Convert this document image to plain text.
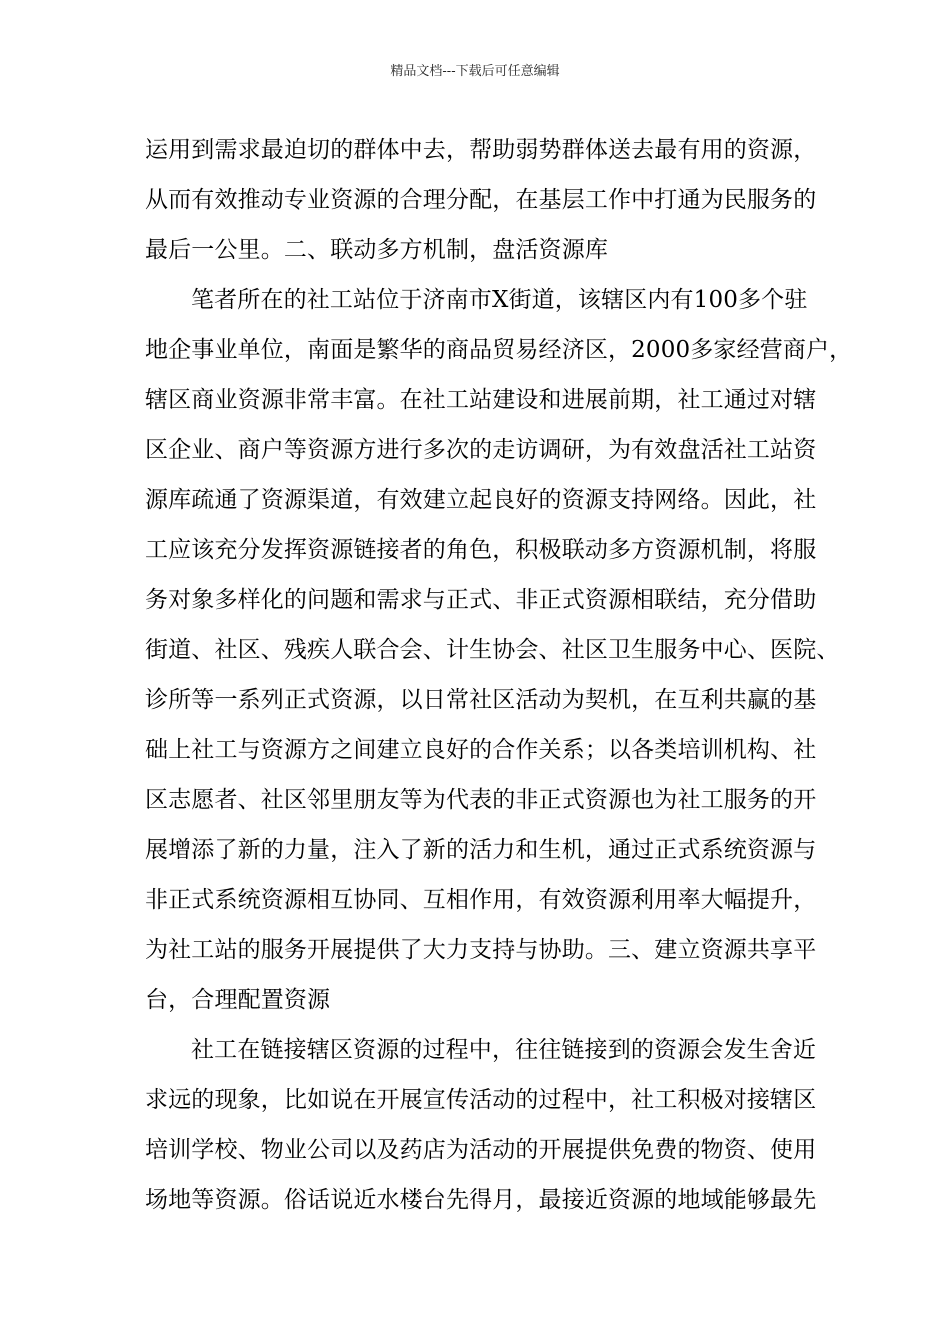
精品文档---下载后可任意编辑
运用到需求最迫切的群体中去，帮助弱势群体送去最有用的资源，
从而有效推动专业资源的合理分配，在基层工作中打通为民服务的
最后一公里。二、联动多方机制，盘活资源库
笔者所在的社工站位于济南市X街道，该辖区内有100多个驻
地企事业单位，南面是繁华的商品贸易经济区，2000多家经营商户，
辖区商业资源非常丰富。在社工站建设和进展前期，社工通过对辖
区企业、商户等资源方进行多次的走访调研，为有效盘活社工站资
源库疏通了资源渠道，有效建立起良好的资源支持网络。因此，社
工应该充分发挥资源链接者的角色，积极联动多方资源机制，将服
务对象多样化的问题和需求与正式、非正式资源相联结，充分借助
街道、社区、残疾人联合会、计生协会、社区卫生服务中心、医院、
诊所等一系列正式资源，以日常社区活动为契机，在互利共赢的基
础上社工与资源方之间建立良好的合作关系；以各类培训机构、社
区志愿者、社区邻里朋友等为代表的非正式资源也为社工服务的开
展增添了新的力量，注入了新的活力和生机，通过正式系统资源与
非正式系统资源相互协同、互相作用，有效资源利用率大幅提升，
为社工站的服务开展提供了大力支持与协助。三、建立资源共享平
台，合理配置资源
社工在链接辖区资源的过程中，往往链接到的资源会发生舍近
求远的现象，比如说在开展宣传活动的过程中，社工积极对接辖区
培训学校、物业公司以及药店为活动的开展提供免费的物资、使用
场地等资源。俗话说近水楼台先得月，最接近资源的地域能够最先
